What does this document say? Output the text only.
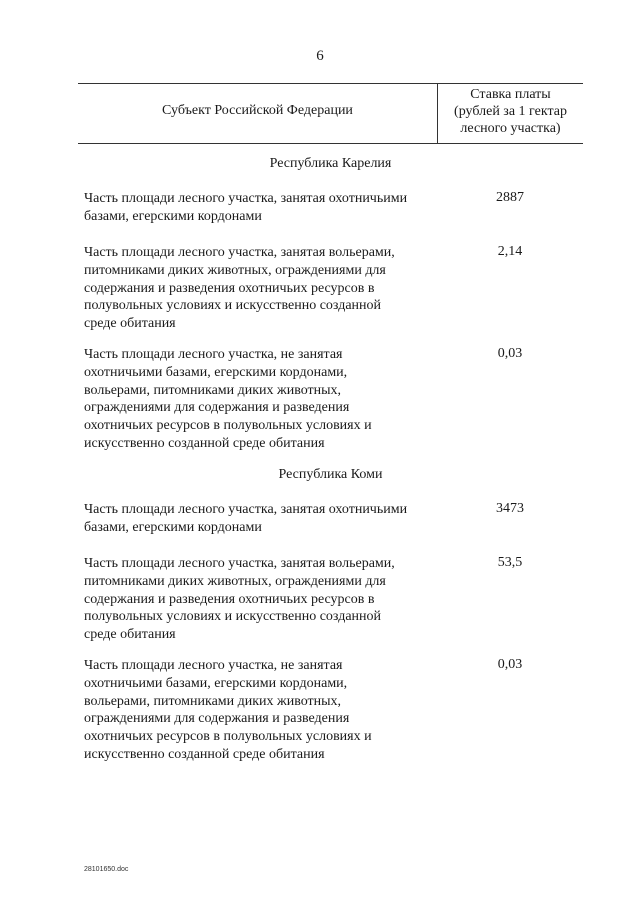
6
Субъект Российской Федерации
Ставка платы
(рублей за 1 гектар
лесного участка)
Республика Карелия
Часть площади лесного участка, занятая охотничьими
базами, егерскими кордонами
2887
Часть площади лесного участка, занятая вольерами,
питомниками диких животных, ограждениями для
содержания и разведения охотничьих ресурсов в
полувольных условиях и искусственно созданной
среде обитания
2,14
Часть площади лесного участка, не занятая
охотничьими базами, егерскими кордонами,
вольерами, питомниками диких животных,
ограждениями для содержания и разведения
охотничьих ресурсов в полувольных условиях и
искусственно созданной среде обитания
0,03
Республика Коми
Часть площади лесного участка, занятая охотничьими
базами, егерскими кордонами
3473
Часть площади лесного участка, занятая вольерами,
питомниками диких животных, ограждениями для
содержания и разведения охотничьих ресурсов в
полувольных условиях и искусственно созданной
среде обитания
53,5
Часть площади лесного участка, не занятая
охотничьими базами, егерскими кордонами,
вольерами, питомниками диких животных,
ограждениями для содержания и разведения
охотничьих ресурсов в полувольных условиях и
искусственно созданной среде обитания
0,03
28101650.doc
